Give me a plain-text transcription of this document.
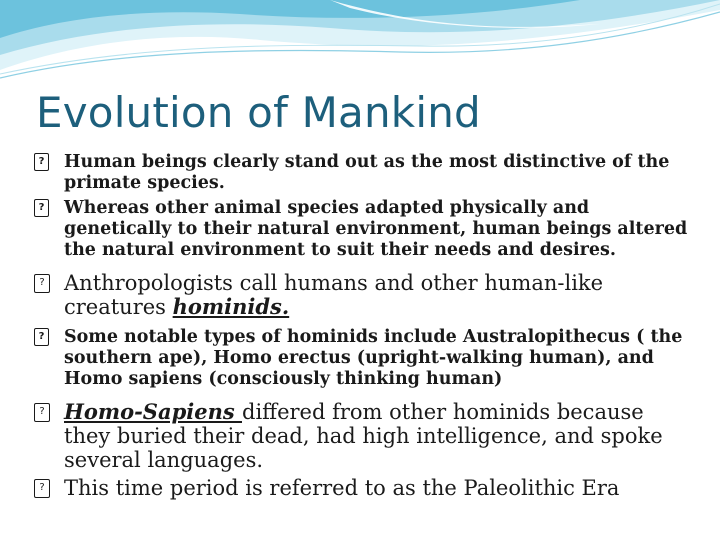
Evolution of Mankind
? Human beings clearly stand out as the most distinctive of the primate species.
? Whereas other animal species adapted physically and genetically to their natural environment, human beings altered the natural environment to suit their needs and desires.
? Anthropologists call humans and other human-like creatures hominids.
? Some notable types of hominids include Australopithecus ( the southern ape), Homo erectus (upright-walking human), and Homo sapiens (consciously thinking human)
? Homo-Sapiens differed from other hominids because they buried their dead, had high intelligence, and spoke several languages.
? This time period is referred to as the Paleolithic Era
